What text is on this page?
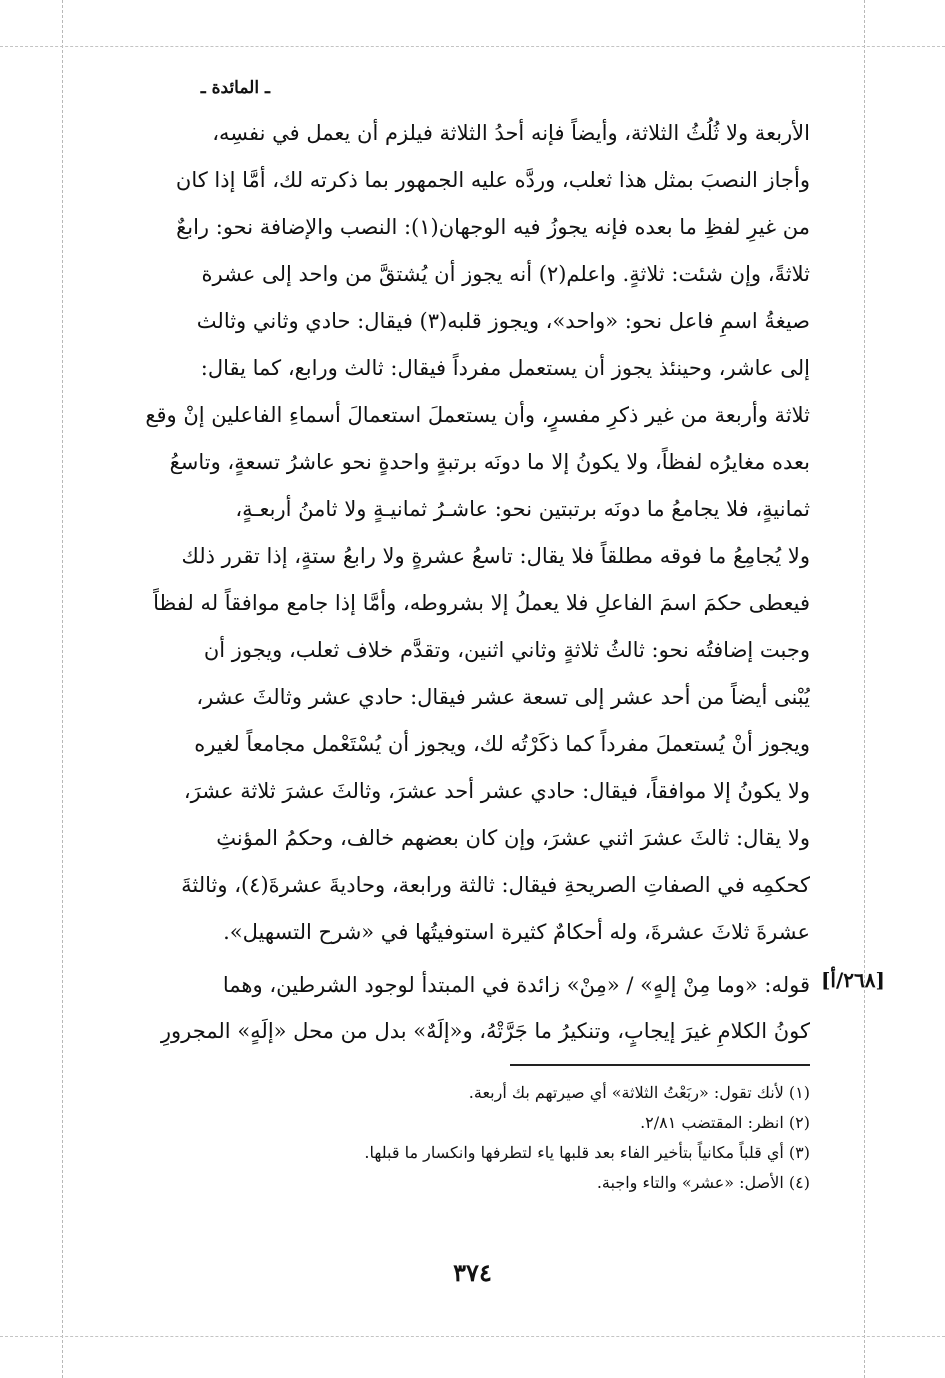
ـ المائدة ـ
الأربعة ولا ثُلُثُ الثلاثة، وأيضاً فإنه أحدُ الثلاثة فيلزم أن يعمل في نفسِه،
وأجاز النصبَ بمثل هذا ثعلب، وردَّه عليه الجمهور بما ذكرته لك، أمَّا إذا كان
من غيرِ لفظِ ما بعده فإنه يجوزُ فيه الوجهان(١): النصب والإضافة نحو: رابعٌ
ثلاثةً، وإن شئت: ثلاثةٍ. واعلم(٢) أنه يجوز أن يُشتقَّ من واحد إلى عشرة
صيغةُ اسمِ فاعل نحو: «واحد»، ويجوز قلبه(٣) فيقال: حادي وثاني وثالث
إلى عاشر، وحينئذ يجوز أن يستعمل مفرداً فيقال: ثالث ورابع، كما يقال:
ثلاثة وأربعة من غير ذكرِ مفسرٍ، وأن يستعملَ استعمالَ أسماءِ الفاعلين إنْ وقع
بعده مغايرُه لفظاً، ولا يكونُ إلا ما دونَه برتبةٍ واحدةٍ نحو عاشرُ تسعةٍ، وتاسعُ
ثمانيةٍ، فلا يجامعُ ما دونَه برتبتين نحو: عاشـرُ ثمانيـةٍ ولا ثامنُ أربعـةٍ،
ولا يُجامِعُ ما فوقه مطلقاً فلا يقال: تاسعُ عشرةٍ ولا رابعُ ستةٍ، إذا تقرر ذلك
فيعطى حكمَ اسمَ الفاعلِ فلا يعملُ إلا بشروطه، وأمَّا إذا جامع موافقاً له لفظاً
وجبت إضافتُه نحو: ثالثُ ثلاثةٍ وثاني اثنين، وتقدَّم خلاف ثعلب، ويجوز أن
يُبْنى أيضاً من أحد عشر إلى تسعة عشر فيقال: حادي عشر وثالثَ عشر،
ويجوز أنْ يُستعملَ مفرداً كما ذكَرْتُه لك، ويجوز أن يُسْتَعْمل مجامعاً لغيره
ولا يكونُ إلا موافقاً، فيقال: حادي عشر أحد عشرَ، وثالثَ عشرَ ثلاثة عشرَ،
ولا يقال: ثالثَ عشرَ اثني عشرَ، وإن كان بعضهم خالف، وحكمُ المؤنثِ
كحكمِه في الصفاتِ الصريحةِ فيقال: ثالثة ورابعة، وحاديةَ عشرةَ(٤)، وثالثةَ
عشرةَ ثلاثَ عشرةَ، وله أحكامٌ كثيرة استوفيتُها في «شرح التسهيل».
[٢٦٨/أ]
قوله: «وما مِنْ إلهٍ» / «مِنْ» زائدة في المبتدأ لوجود الشرطين، وهما
كونُ الكلامِ غيرَ إيجابٍ، وتنكيرُ ما جَرَّتْهُ، و«إلَهٌ» بدل من محل «إلَهٍ» المجرورِ
(١) لأنك تقول: «ربَعْتُ الثلاثة» أي صيرتهم بك أربعة.
(٢) انظر: المقتضب ٢/٨١.
(٣) أي قلباً مكانياً بتأخير الفاء بعد قلبها ياء لتطرفها وانكسار ما قبلها.
(٤) الأصل: «عشر» والتاء واجبة.
٣٧٤
